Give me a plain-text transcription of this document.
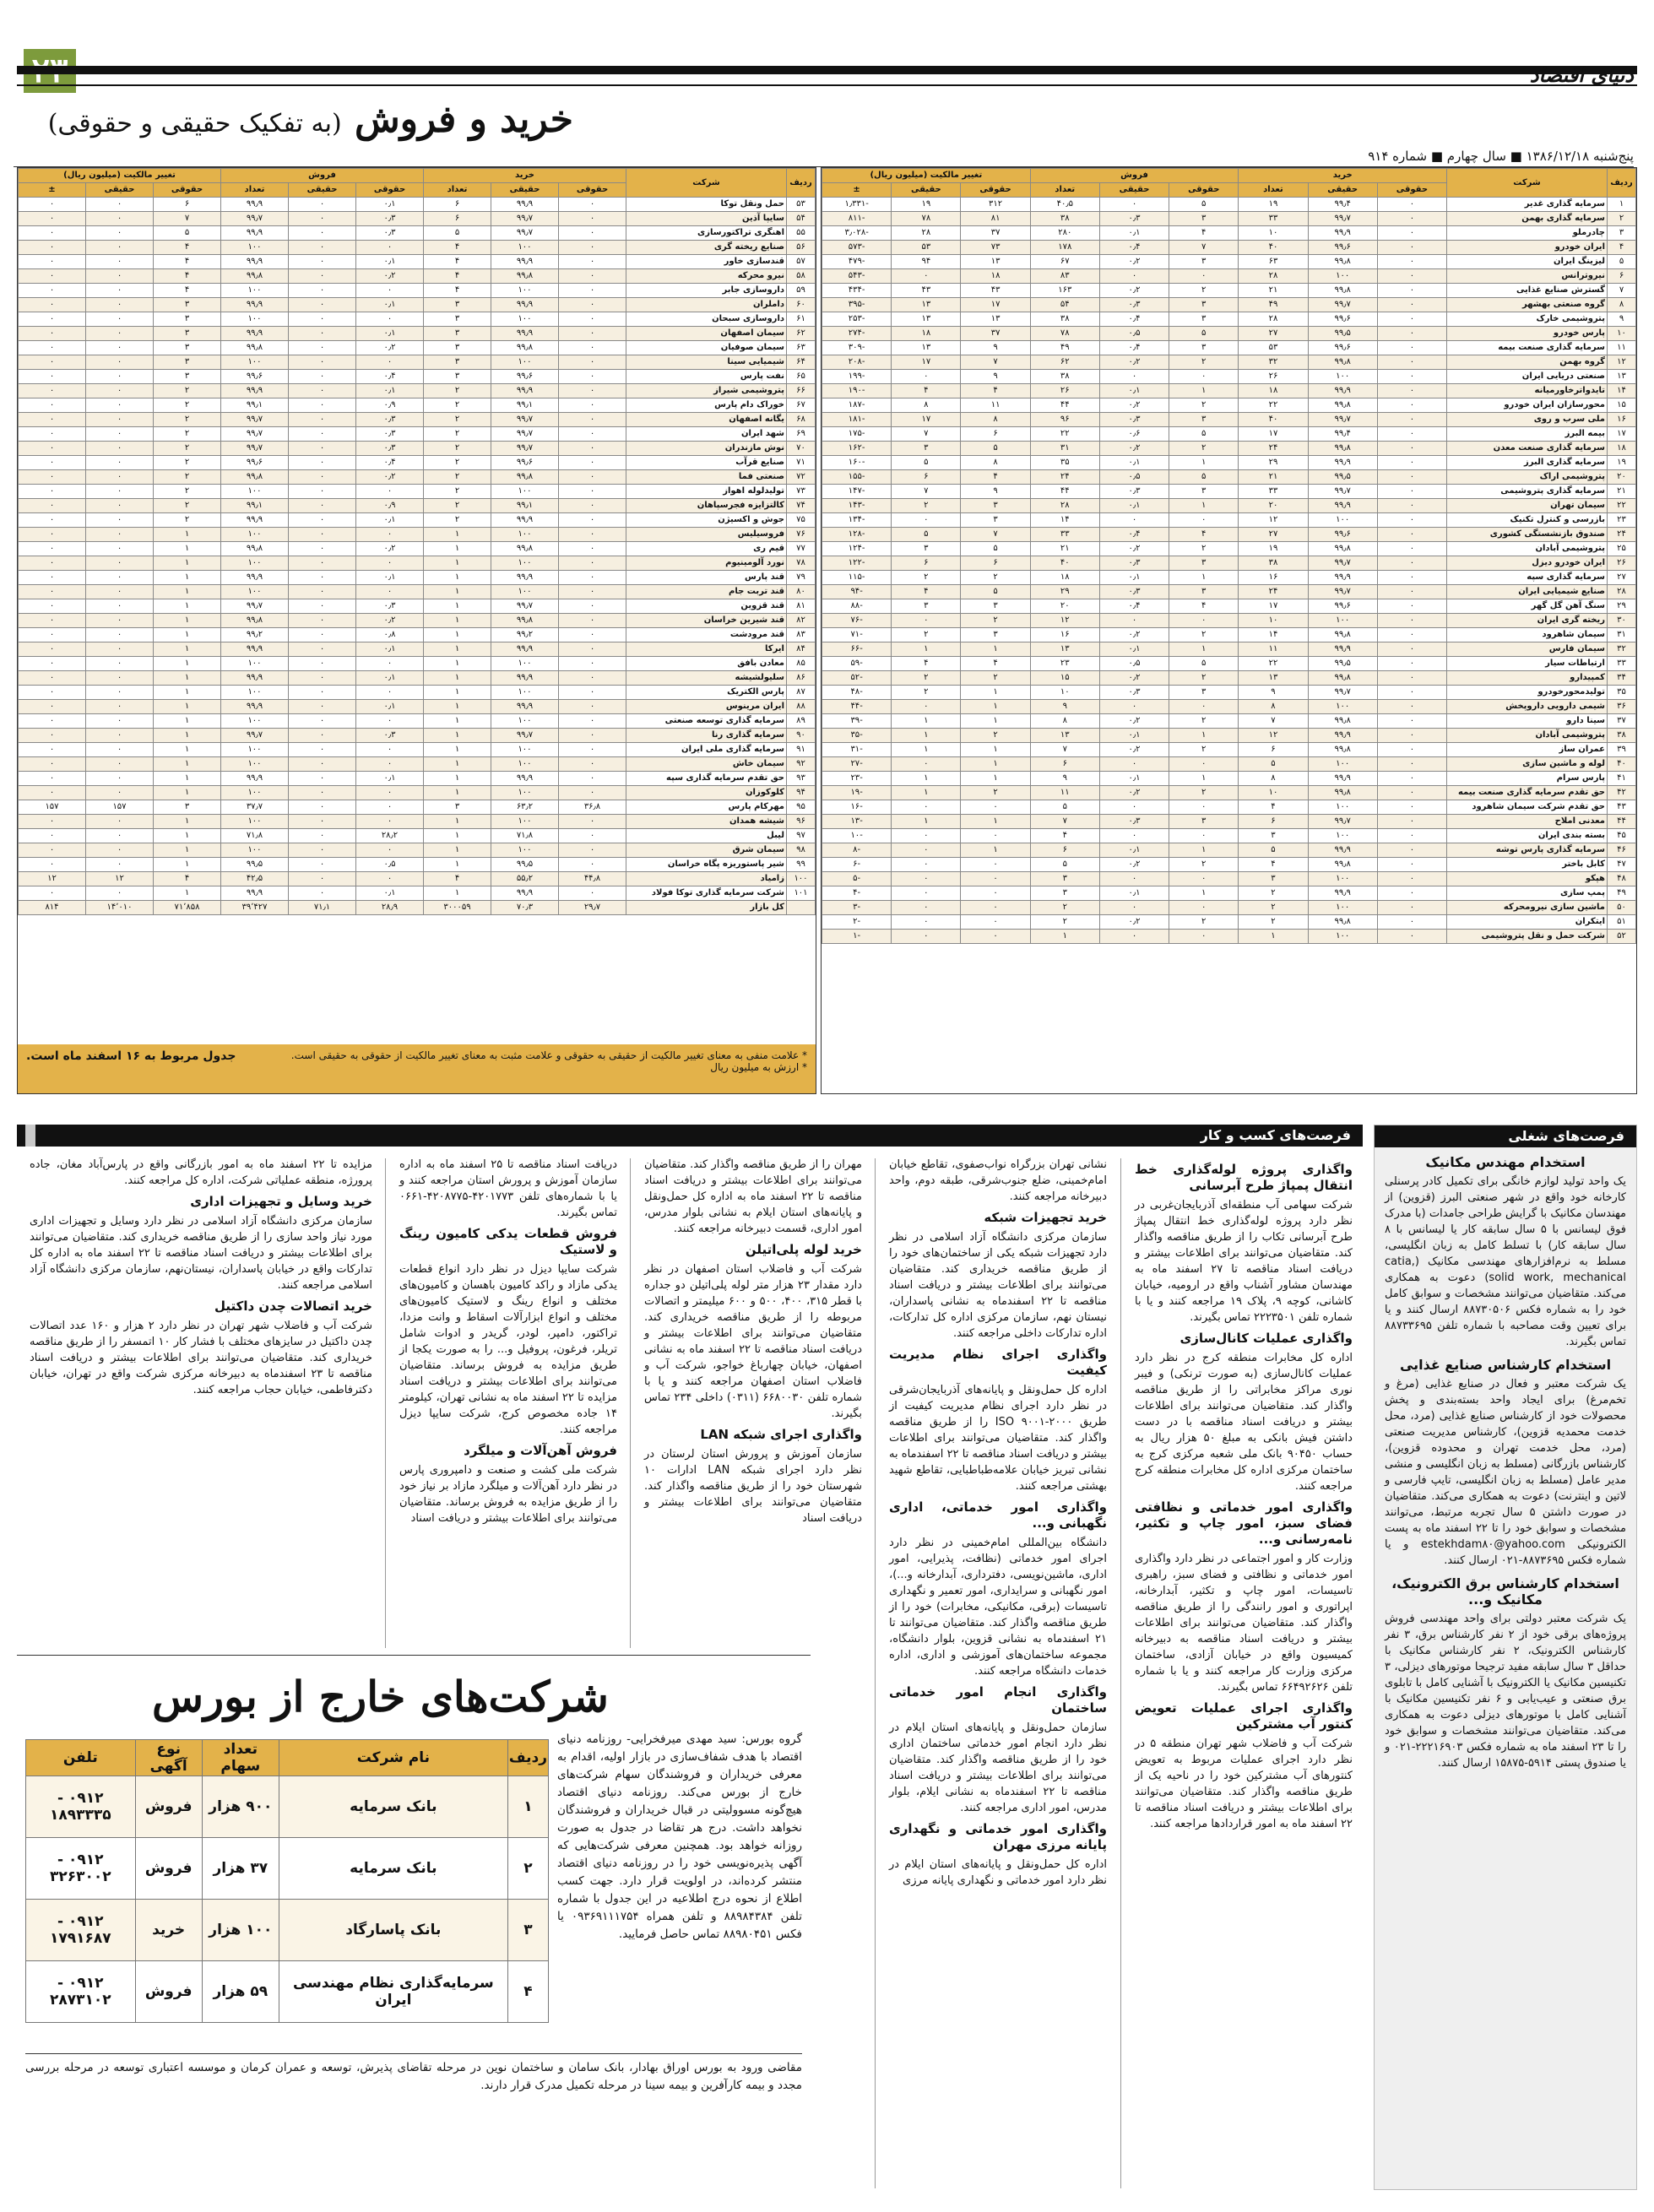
دنیای اقتصاد
خرید و فروش (به تفکیک حقیقی و حقوقی)
پنج‌شنبه ۱۳۸۶/۱۲/۱۸ ■ سال چهارم ■ شماره ۹۱۴
ردیف	شرکت	خرید			فروش			تغییر مالکیت (میلیون ریال)		
		حقوقی	حقیقی	تعداد	حقوقی	حقیقی	تعداد	حقوقی	حقیقی	±
۱	سرمایه گذاری غدیر	۰	۹۹٫۴	۱۹	۵	۰	۴۰٫۵	۳۱۲	۱۹	-۱٫۳۳۱
۲	سرمایه گذاری بهمن	۰	۹۹٫۷	۳۳	۳	۰٫۳	۳۸	۸۱	۷۸	-۸۱۱
۳	چادرملو	۰	۹۹٫۹	۱۰	۴	۰٫۱	۲۸۰	۳۷	۲۸	-۳٫۰۲۸
۴	ایران خودرو	۰	۹۹٫۶	۴۰	۷	۰٫۴	۱۷۸	۷۳	۵۳	-۵۷۳
۵	لیزینگ ایران	۰	۹۹٫۸	۶۳	۳	۰٫۲	۶۷	۱۳	۹۴	-۴۷۹
۶	نیروترانس	۰	۱۰۰	۲۸	۰	۰	۸۳	۱۸	۰	-۵۴۳
۷	گسترش صنایع غذایی	۰	۹۹٫۸	۲۱	۲	۰٫۲	۱۶۳	۴۳	۴۳	-۴۳۴
۸	گروه صنعتی بهشهر	۰	۹۹٫۷	۴۹	۳	۰٫۳	۵۴	۱۷	۱۳	-۳۹۵
۹	پتروشیمی خارک	۰	۹۹٫۶	۲۸	۳	۰٫۴	۳۸	۱۳	۱۳	-۲۵۳
۱۰	پارس خودرو	۰	۹۹٫۵	۲۷	۵	۰٫۵	۷۸	۳۷	۱۸	-۲۷۴
۱۱	سرمایه گذاری صنعت بیمه	۰	۹۹٫۶	۵۳	۳	۰٫۴	۴۹	۹	۱۳	-۳۰۹
۱۲	گروه بهمن	۰	۹۹٫۸	۳۲	۲	۰٫۲	۶۲	۷	۱۷	-۲۰۸
۱۳	صنعتی دریایی ایران	۰	۱۰۰	۲۶	۰	۰	۳۸	۹	۰	-۱۹۹
۱۴	تایدواترخاورمیانه	۰	۹۹٫۹	۱۸	۱	۰٫۱	۲۶	۴	۴	-۱۹۰
۱۵	محورسازان ایران خودرو	۰	۹۹٫۸	۲۲	۲	۰٫۲	۴۴	۱۱	۸	-۱۸۷
۱۶	ملی سرب و روی	۰	۹۹٫۷	۴۰	۳	۰٫۳	۹۶	۸	۱۷	-۱۸۱
۱۷	بیمه البرز	۰	۹۹٫۴	۱۷	۵	۰٫۶	۲۲	۶	۷	-۱۷۵
۱۸	سرمایه گذاری صنعت معدن	۰	۹۹٫۸	۲۴	۲	۰٫۲	۳۱	۵	۳	-۱۶۲
۱۹	سرمایه گذاری البرز	۰	۹۹٫۹	۲۹	۱	۰٫۱	۳۵	۸	۵	-۱۶۰
۲۰	پتروشیمی اراک	۰	۹۹٫۵	۲۱	۵	۰٫۵	۲۴	۴	۶	-۱۵۵
۲۱	سرمایه گذاری پتروشیمی	۰	۹۹٫۷	۳۳	۳	۰٫۳	۴۴	۹	۷	-۱۴۷
۲۲	سیمان تهران	۰	۹۹٫۹	۲۰	۱	۰٫۱	۲۸	۳	۲	-۱۴۳
۲۳	بازرسی و کنترل تکنیک	۰	۱۰۰	۱۲	۰	۰	۱۴	۳	۰	-۱۳۴
۲۴	صندوق بازنشستگی کشوری	۰	۹۹٫۶	۲۷	۴	۰٫۴	۳۳	۷	۵	-۱۲۸
۲۵	پتروشیمی آبادان	۰	۹۹٫۸	۱۹	۲	۰٫۲	۲۱	۵	۳	-۱۲۴
۲۶	ایران خودرو دیزل	۰	۹۹٫۷	۳۸	۳	۰٫۳	۴۰	۶	۶	-۱۲۲
۲۷	سرمایه گذاری سپه	۰	۹۹٫۹	۱۶	۱	۰٫۱	۱۸	۲	۲	-۱۱۵
۲۸	صنایع شیمیایی ایران	۰	۹۹٫۷	۲۴	۳	۰٫۳	۲۹	۵	۴	-۹۴
۲۹	سنگ آهن گل گهر	۰	۹۹٫۶	۱۷	۴	۰٫۴	۲۰	۳	۳	-۸۸
۳۰	ریخته گری ایران	۰	۱۰۰	۱۰	۰	۰	۱۲	۲	۰	-۷۶
۳۱	سیمان شاهرود	۰	۹۹٫۸	۱۴	۲	۰٫۲	۱۶	۳	۲	-۷۱
۳۲	سیمان فارس	۰	۹۹٫۹	۱۱	۱	۰٫۱	۱۳	۱	۱	-۶۶
۳۳	ارتباطات سیار	۰	۹۹٫۵	۲۲	۵	۰٫۵	۲۳	۴	۴	-۵۹
۳۴	کمپیدارو	۰	۹۹٫۸	۱۳	۲	۰٫۲	۱۵	۲	۲	-۵۲
۳۵	تولیدمحورخودرو	۰	۹۹٫۷	۹	۳	۰٫۳	۱۰	۱	۲	-۴۸
۳۶	شیمی دارویی داروپخش	۰	۱۰۰	۸	۰	۰	۹	۱	۰	-۴۴
۳۷	سینا دارو	۰	۹۹٫۸	۷	۲	۰٫۲	۸	۱	۱	-۳۹
۳۸	پتروشیمی آبادان	۰	۹۹٫۹	۱۲	۱	۰٫۱	۱۳	۲	۱	-۳۵
۳۹	عمران ساز	۰	۹۹٫۸	۶	۲	۰٫۲	۷	۱	۱	-۳۱
۴۰	لوله و ماشین سازی	۰	۱۰۰	۵	۰	۰	۶	۱	۰	-۲۷
۴۱	پارس سرام	۰	۹۹٫۹	۸	۱	۰٫۱	۹	۱	۱	-۲۳
۴۲	حق تقدم سرمایه گذاری صنعت بیمه	۰	۹۹٫۸	۱۰	۲	۰٫۲	۱۱	۲	۱	-۱۹
۴۳	حق تقدم شرکت سیمان شاهرود	۰	۱۰۰	۴	۰	۰	۵	۰	۰	-۱۶
۴۴	معدنی املاح	۰	۹۹٫۷	۶	۳	۰٫۳	۷	۱	۱	-۱۳
۴۵	بسته بندی ایران	۰	۱۰۰	۳	۰	۰	۴	۰	۰	-۱۰
۴۶	سرمایه گذاری پارس توشه	۰	۹۹٫۹	۵	۱	۰٫۱	۶	۱	۰	-۸
۴۷	کابل باختر	۰	۹۹٫۸	۴	۲	۰٫۲	۵	۰	۰	-۶
۴۸	هپکو	۰	۱۰۰	۳	۰	۰	۳	۰	۰	-۵
۴۹	پمپ سازی	۰	۹۹٫۹	۲	۱	۰٫۱	۳	۰	۰	-۴
۵۰	ماشین سازی نیرومحرکه	۰	۱۰۰	۲	۰	۰	۲	۰	۰	-۳
۵۱	ایتکران	۰	۹۹٫۸	۲	۲	۰٫۲	۲	۰	۰	-۲
۵۲	شرکت حمل و نقل پتروشیمی	۰	۱۰۰	۱	۰	۰	۱	۰	۰	-۱
ردیف	شرکت	خرید			فروش			تغییر مالکیت (میلیون ریال)		
		حقوقی	حقیقی	تعداد	حقوقی	حقیقی	تعداد	حقوقی	حقیقی	±
۵۳	حمل ونقل توکا	۰	۹۹٫۹	۶	۰٫۱	۰	۹۹٫۹	۶	۰	۰
۵۴	سایپا آذین	۰	۹۹٫۷	۶	۰٫۳	۰	۹۹٫۷	۷	۰	۰
۵۵	اهنگری تراکتورسازی	۰	۹۹٫۷	۵	۰٫۳	۰	۹۹٫۹	۵	۰	۰
۵۶	صنایع ریخته گری	۰	۱۰۰	۴	۰	۰	۱۰۰	۴	۰	۰
۵۷	قندسازی خاور	۰	۹۹٫۹	۴	۰٫۱	۰	۹۹٫۹	۴	۰	۰
۵۸	نیرو محرکه	۰	۹۹٫۸	۴	۰٫۲	۰	۹۹٫۸	۴	۰	۰
۵۹	داروسازی جابر	۰	۱۰۰	۴	۰	۰	۱۰۰	۴	۰	۰
۶۰	داملران	۰	۹۹٫۹	۳	۰٫۱	۰	۹۹٫۹	۳	۰	۰
۶۱	داروسازی سبحان	۰	۱۰۰	۳	۰	۰	۱۰۰	۳	۰	۰
۶۲	سیمان اصفهان	۰	۹۹٫۹	۳	۰٫۱	۰	۹۹٫۹	۳	۰	۰
۶۳	سیمان صوفیان	۰	۹۹٫۸	۳	۰٫۲	۰	۹۹٫۸	۳	۰	۰
۶۴	شیمیایی سینا	۰	۱۰۰	۳	۰	۰	۱۰۰	۳	۰	۰
۶۵	نفت پارس	۰	۹۹٫۶	۳	۰٫۴	۰	۹۹٫۶	۳	۰	۰
۶۶	پتروشیمی شیراز	۰	۹۹٫۹	۲	۰٫۱	۰	۹۹٫۹	۲	۰	۰
۶۷	خوراک دام پارس	۰	۹۹٫۱	۲	۰٫۹	۰	۹۹٫۱	۲	۰	۰
۶۸	یگانه اصفهان	۰	۹۹٫۷	۲	۰٫۳	۰	۹۹٫۷	۲	۰	۰
۶۹	شهد ایران	۰	۹۹٫۷	۲	۰٫۳	۰	۹۹٫۷	۲	۰	۰
۷۰	نوش مازندران	۰	۹۹٫۷	۲	۰٫۳	۰	۹۹٫۷	۲	۰	۰
۷۱	صنایع قرآب	۰	۹۹٫۶	۲	۰٫۴	۰	۹۹٫۶	۲	۰	۰
۷۲	صنعتی فما	۰	۹۹٫۸	۲	۰٫۲	۰	۹۹٫۸	۲	۰	۰
۷۳	تولیدلوله اهواز	۰	۱۰۰	۲	۰	۰	۱۰۰	۲	۰	۰
۷۴	کالتزایزه فجرسپاهان	۰	۹۹٫۱	۲	۰٫۹	۰	۹۹٫۱	۲	۰	۰
۷۵	جوش و اکسیژن	۰	۹۹٫۹	۲	۰٫۱	۰	۹۹٫۹	۲	۰	۰
۷۶	فروسیلیس	۰	۱۰۰	۱	۰	۰	۱۰۰	۱	۰	۰
۷۷	قیم ری	۰	۹۹٫۸	۱	۰٫۲	۰	۹۹٫۸	۱	۰	۰
۷۸	نورد آلومینیوم	۰	۱۰۰	۱	۰	۰	۱۰۰	۱	۰	۰
۷۹	قند پارس	۰	۹۹٫۹	۱	۰٫۱	۰	۹۹٫۹	۱	۰	۰
۸۰	قند تربت جام	۰	۱۰۰	۱	۰	۰	۱۰۰	۱	۰	۰
۸۱	قند قزوین	۰	۹۹٫۷	۱	۰٫۳	۰	۹۹٫۷	۱	۰	۰
۸۲	قند شیرین خراسان	۰	۹۹٫۸	۱	۰٫۲	۰	۹۹٫۸	۱	۰	۰
۸۳	قند مرودشت	۰	۹۹٫۲	۱	۰٫۸	۰	۹۹٫۲	۱	۰	۰
۸۴	ایرکا	۰	۹۹٫۹	۱	۰٫۱	۰	۹۹٫۹	۱	۰	۰
۸۵	معادن بافق	۰	۱۰۰	۱	۰	۰	۱۰۰	۱	۰	۰
۸۶	سلیولشیشه	۰	۹۹٫۹	۱	۰٫۱	۰	۹۹٫۹	۱	۰	۰
۸۷	پارس الکتریک	۰	۱۰۰	۱	۰	۰	۱۰۰	۱	۰	۰
۸۸	ایران مرینوس	۰	۹۹٫۹	۱	۰٫۱	۰	۹۹٫۹	۱	۰	۰
۸۹	سرمایه گذاری توسعه صنعتی	۰	۱۰۰	۱	۰	۰	۱۰۰	۱	۰	۰
۹۰	سرمایه گذاری رنا	۰	۹۹٫۷	۱	۰٫۳	۰	۹۹٫۷	۱	۰	۰
۹۱	سرمایه گذاری ملی ایران	۰	۱۰۰	۱	۰	۰	۱۰۰	۱	۰	۰
۹۲	سیمان خاش	۰	۱۰۰	۱	۰	۰	۱۰۰	۱	۰	۰
۹۳	حق تقدم سرمایه گذاری سپه	۰	۹۹٫۹	۱	۰٫۱	۰	۹۹٫۹	۱	۰	۰
۹۴	کلوکوزان	۰	۱۰۰	۱	۰	۰	۱۰۰	۱	۰	۰
۹۵	مهرکام پارس	۳۶٫۸	۶۳٫۲	۳	۰	۰	۳۷٫۷	۳	۱۵۷	۱۵۷
۹۶	شیشه همدان	۰	۱۰۰	۱	۰	۰	۱۰۰	۱	۰	۰
۹۷	لیبل	۰	۷۱٫۸	۱	۲۸٫۲	۰	۷۱٫۸	۱	۰	۰
۹۸	سیمان شرق	۰	۱۰۰	۱	۰	۰	۱۰۰	۱	۰	۰
۹۹	شیر پاستوریزه پگاه خراسان	۰	۹۹٫۵	۱	۰٫۵	۰	۹۹٫۵	۱	۰	۰
۱۰۰	زامیاد	۴۴٫۸	۵۵٫۲	۴	۰	۰	۴۲٫۵	۴	۱۲	۱۲
۱۰۱	شرکت سرمایه گذاری توکا فولاد	۰	۹۹٫۹	۱	۰٫۱	۰	۹۹٫۹	۱	۰	۰
	کل بازار	۲۹٫۷	۷۰٫۳	۳۰۰۰۵۹	۲۸٫۹	۷۱٫۱	۳۹٬۴۲۷	۷۱٬۸۵۸	۱۴٬۰۱۰	۸۱۴
جدول مربوط به ۱۶ اسفند ماه است.	* علامت منفی به معنای تغییر مالکیت از حقیقی به حقوقی و علامت مثبت به معنای تغییر مالکیت از حقوقی به حقیقی است.
* ارزش به میلیون ریال
فرصت‌های کسب و کار
واگذاری پروژه لوله‌گذاری خط انتقال پمپاژ طرح آبرسانی

شرکت سهامی آب منطقه‌ای آذربایجان‌غربی در نظر دارد پروژه لوله‌گذاری خط انتقال پمپاژ طرح آبرسانی تکاب را از طریق مناقصه واگذار کند. متقاضیان می‌توانند برای اطلاعات بیشتر و دریافت اسناد مناقصه تا ۲۷ اسفند ماه به مهندسان مشاور آشناب واقع در ارومیه، خیابان کاشانی، کوچه ۹، پلاک ۱۹ مراجعه کنند و یا با شماره تلفن ۲۲۲۳۵۰۱ تماس بگیرند.

واگذاری عملیات کانال‌سازی

اداره کل مخابرات منطقه کرج در نظر دارد عملیات کانال‌سازی (به صورت ترنکی) و فیبر نوری مراکز مخابراتی را از طریق مناقصه واگذار کند. متقاضیان می‌توانند برای اطلاعات بیشتر و دریافت اسناد مناقصه با در دست داشتن فیش بانکی به مبلغ ۵۰ هزار ریال به حساب ۹۰۴۵۰ بانک ملی شعبه مرکزی کرج به ساختمان مرکزی اداره کل مخابرات منطقه کرج مراجعه کنند.

واگذاری امور خدماتی و نظافتی فضای سبز، امور چاپ و تکثیر، نامه‌رسانی و...

وزارت کار و امور اجتماعی در نظر دارد واگذاری امور خدماتی و نظافتی و فضای سبز، راهبری تاسیسات، امور چاپ و تکثیر، آبدارخانه، اپراتوری و امور رانندگی را از طریق مناقصه واگذار کند. متقاضیان می‌توانند برای اطلاعات بیشتر و دریافت اسناد مناقصه به دبیرخانه کمیسیون واقع در خیابان آزادی، ساختمان مرکزی وزارت کار مراجعه کنند و یا با شماره تلفن ۶۶۴۹۲۶۲۶ تماس بگیرند.

واگذاری اجرای عملیات تعویض کنتور آب مشترکین

شرکت آب و فاضلاب شهر تهران منطقه ۵ در نظر دارد اجرای عملیات مربوط به تعویض کنتورهای آب مشترکین خود را در ناحیه یک از طریق مناقصه واگذار کند. متقاضیان می‌توانند برای اطلاعات بیشتر و دریافت اسناد مناقصه تا ۲۲ اسفند ماه به امور قراردادها مراجعه کنند.

نشانی تهران بزرگراه نواب‌صفوی، تقاطع خیابان امام‌خمینی، ضلع جنوب‌شرقی، طبقه دوم، واحد دبیرخانه مراجعه کنند.

خرید تجهیزات شبکه

سازمان مرکزی دانشگاه آزاد اسلامی در نظر دارد تجهیزات شبکه یکی از ساختمان‌های خود را از طریق مناقصه خریداری کند. متقاضیان می‌توانند برای اطلاعات بیشتر و دریافت اسناد مناقصه تا ۲۲ اسفندماه به نشانی پاسداران، نیستان نهم، سازمان مرکزی اداره کل تدارکات، اداره تدارکات داخلی مراجعه کنند.

واگذاری اجرای نظام مدیریت کیفیت

اداره کل حمل‌ونقل و پایانه‌های آذربایجان‌شرقی در نظر دارد اجرای نظام مدیریت کیفیت از طریق ISO ۹۰۰۱-۲۰۰۰ را از طریق مناقصه واگذار کند. متقاضیان می‌توانند برای اطلاعات بیشتر و دریافت اسناد مناقصه تا ۲۲ اسفندماه به نشانی تبریز خیابان علامه‌طباطبایی، تقاطع شهید بهشتی مراجعه کنند.

واگذاری امور خدماتی، اداری نگهبانی و...

دانشگاه بین‌المللی امام‌خمینی در نظر دارد اجرای امور خدماتی (نظافت، پذیرایی، امور اداری، ماشین‌نویسی، دفترداری، آبدارخانه و...)، امور نگهبانی و سرایداری، امور تعمیر و نگهداری تاسیسات (برقی، مکانیکی، مخابرات) خود را از طریق مناقصه واگذار کند. متقاضیان می‌توانند تا ۲۱ اسفندماه به نشانی قزوین، بلوار دانشگاه، مجموعه ساختمان‌های آموزشی و اداری، اداره خدمات دانشگاه مراجعه کنند.

واگذاری انجام امور خدماتی ساختمان

سازمان حمل‌ونقل و پایانه‌های استان ایلام در نظر دارد انجام امور خدماتی ساختمان اداری خود را از طریق مناقصه واگذار کند. متقاضیان می‌توانند برای اطلاعات بیشتر و دریافت اسناد مناقصه تا ۲۲ اسفندماه به نشانی ایلام، بلوار مدرس، امور اداری مراجعه کنند.

واگذاری امور خدماتی و نگهداری پایانه مرزی مهران

اداره کل حمل‌ونقل و پایانه‌های استان ایلام در نظر دارد امور خدماتی و نگهداری پایانه مرزی

مهران را از طریق مناقصه واگذار کند. متقاضیان می‌توانند برای اطلاعات بیشتر و دریافت اسناد مناقصه تا ۲۲ اسفند ماه به اداره کل حمل‌ونقل و پایانه‌های استان ایلام به نشانی بلوار مدرس، امور اداری، قسمت دبیرخانه مراجعه کنند.

خرید لوله پلی‌اتیلن

شرکت آب و فاضلاب استان اصفهان در نظر دارد مقدار ۲۳ هزار متر لوله پلی‌اتیلن دو جداره با قطر ۳۱۵، ۴۰۰، ۵۰۰ و ۶۰۰ میلیمتر و اتصالات مربوطه را از طریق مناقصه خریداری کند. متقاضیان می‌توانند برای اطلاعات بیشتر و دریافت اسناد مناقصه تا ۲۲ اسفند ماه به نشانی اصفهان، خیابان چهارباغ خواجو، شرکت آب و فاضلاب استان اصفهان مراجعه کنند و یا با شماره تلفن ۶۶۸۰۰۳۰ (۰۳۱۱) داخلی ۲۳۴ تماس بگیرند.

واگذاری اجرای شبکه LAN

سازمان آموزش و پرورش استان لرستان در نظر دارد اجرای شبکه LAN ادارات ۱۰ شهرستان خود را از طریق مناقصه واگذار کند. متقاضیان می‌توانند برای اطلاعات بیشتر و دریافت اسناد

دریافت اسناد مناقصه تا ۲۵ اسفند ماه به اداره سازمان آموزش و پرورش استان مراجعه کنند و یا با شماره‌های تلفن ۴۲۰۱۷۷۳-۴۲۰۸۷۷۵-۰۶۶۱ تماس بگیرند.

فروش قطعات یدکی کامیون رینگ و لاستیک

شرکت سایپا دیزل در نظر دارد انواع قطعات یدکی مازاد و راکد کامیون باهسان و کامیون‌های مختلف و انواع رینگ و لاستیک کامیون‌های مختلف و انواع ابزارآلات اسقاط و وانت مزدا، تراکتور، دامپر، لودر، گریدر و ادوات شامل تریلر، فرغون، پروفیل و... را به صورت یکجا از طریق مزایده به فروش برساند. متقاضیان می‌توانند برای اطلاعات بیشتر و دریافت اسناد مزایده تا ۲۲ اسفند ماه به نشانی تهران، کیلومتر ۱۴ جاده مخصوص کرج، شرکت سایپا دیزل مراجعه کنند.

فروش آهن‌آلات و میلگرد

شرکت ملی کشت و صنعت و دامپروری پارس در نظر دارد آهن‌آلات و میلگرد مازاد بر نیاز خود را از طریق مزایده به فروش برساند. متقاضیان می‌توانند برای اطلاعات بیشتر و دریافت اسناد

مزایده تا ۲۲ اسفند ماه به امور بازرگانی واقع در پارس‌آباد مغان، جاده پرورژه، منطقه عملیاتی شرکت، اداره کل مراجعه کنند.

خرید وسایل و تجهیزات اداری

سازمان مرکزی دانشگاه آزاد اسلامی در نظر دارد وسایل و تجهیزات اداری مورد نیاز واحد سازی را از طریق مناقصه خریداری کند. متقاضیان می‌توانند برای اطلاعات بیشتر و دریافت اسناد مناقصه تا ۲۲ اسفند ماه به اداره کل تدارکات واقع در خیابان پاسداران، نیستان‌نهم، سازمان مرکزی دانشگاه آزاد اسلامی مراجعه کنند.

خرید اتصالات چدن داکتیل

شرکت آب و فاضلاب شهر تهران در نظر دارد ۲ هزار و ۱۶۰ عدد اتصالات چدن داکتیل در سایزهای مختلف با فشار کار ۱۰ اتمسفر را از طریق مناقصه خریداری کند. متقاضیان می‌توانند برای اطلاعات بیشتر و دریافت اسناد مناقصه تا ۲۳ اسفندماه به دبیرخانه مرکزی شرکت واقع در تهران، خیابان دکترفاطمی، خیابان حجاب مراجعه کنند.

فرصت‌های شغلی
استخدام مهندس مکانیک

یک واحد تولید لوازم خانگی برای تکمیل کادر پرسنلی کارخانه خود واقع در شهر صنعتی البرز (قزوین) از مهندسان مکانیک با گرایش طراحی جامدات (با مدرک فوق لیسانس با ۵ سال سابقه کار یا لیسانس با ۸ سال سابقه کار) با تسلط کامل به زبان انگلیسی، مسلط به نرم‌افزارهای مهندسی مکانیک (catia, solid work, mechanical) دعوت به همکاری می‌کند. متقاضیان می‌توانند مشخصات و سوابق کامل خود را به شماره فکس ۸۸۷۳۰۵۰۶ ارسال کنند و یا برای تعیین وقت مصاحبه با شماره تلفن ۸۸۷۳۳۶۹۵ تماس بگیرند.

استخدام کارشناس صنایع غذایی

یک شرکت معتبر و فعال در صنایع غذایی (مرغ و تخم‌مرغ) برای ایجاد واحد بسته‌بندی و پخش محصولات خود از کارشناس صنایع غذایی (مرد، محل خدمت محمدیه قزوین)، کارشناس مدیریت صنعتی (مرد، محل خدمت تهران و محدوده قزوین)، کارشناس بازرگانی (مسلط به زبان انگلیسی و منشی مدیر عامل (مسلط به زبان انگلیسی، تایپ فارسی و لاتین و اینترنت) دعوت به همکاری می‌کند. متقاضیان در صورت داشتن ۵ سال تجربه مرتبط، می‌توانند مشخصات و سوابق خود را تا ۲۲ اسفند ماه به پست الکترونیکی estekhdam۸۰@yahoo.com و یا شماره فکس ۸۸۷۳۶۹۵-۰۲۱ ارسال کنند.

استخدام کارشناس برق الکترونیک، مکانیک و...

یک شرکت معتبر دولتی برای واحد مهندسی فروش پروژه‌های برقی خود از ۲ نفر کارشناس برق، ۳ نفر کارشناس الکترونیک، ۲ نفر کارشناس مکانیک با حداقل ۳ سال سابقه مفید ترجیحا موتورهای دیزلی، ۳ تکنیسین مکانیک یا الکترونیک با آشنایی کامل با تابلوی برق صنعتی و عیب‌یابی و ۶ نفر تکنیسین مکانیک با آشنایی کامل با موتورهای دیزلی دعوت به همکاری می‌کند. متقاضیان می‌توانند مشخصات و سوابق خود را تا ۲۳ اسفند ماه به شماره فکس ۲۲۲۱۶۹۰۳-۰۲۱ و یا صندوق پستی ۵۹۱۴-۱۵۸۷۵ ارسال کنند.

شرکت‌های خارج از بورس
ردیف	نام شرکت	تعداد سهام	نوع آگهی	تلفن
۱	بانک سرمایه	۹۰۰ هزار	فروش	۰۹۱۲ - ۱۸۹۳۳۳۵
۲	بانک سرمایه	۳۷ هزار	فروش	۰۹۱۲ - ۳۲۶۳۰۰۲
۳	بانک پاسارگاد	۱۰۰ هزار	خرید	۰۹۱۲ - ۱۷۹۱۶۸۷
۴	سرمایه‌گذاری نظام مهندسی ایران	۵۹ هزار	فروش	۰۹۱۲ - ۲۸۷۳۱۰۲
گروه بورس: سید مهدی میرفخرایی- روزنامه دنیای اقتصاد با هدف شفاف‌سازی در بازار اولیه، اقدام به معرفی خریداران و فروشندگان سهام شرکت‌های خارج از بورس می‌کند. روزنامه دنیای اقتصاد هیچ‌گونه مسوولیتی در قبال خریداران و فروشندگان نخواهد داشت. درج هر تقاضا در جدول به صورت روزانه خواهد بود. همچنین معرفی شرکت‌هایی که آگهی پذیره‌نویسی خود را در روزنامه دنیای اقتصاد منتشر کرده‌اند، در اولویت قرار دارد. جهت کسب اطلاع از نحوه درج اطلاعیه در این جدول با شماره تلفن ۸۸۹۸۴۳۸۴ و تلفن همراه ۰۹۳۶۹۱۱۱۷۵۴ یا فکس ۸۸۹۸۰۴۵۱ تماس حاصل فرمایید.
مقاضی ورود به بورس اوراق بهادار، بانک سامان و ساختمان نوین در مرحله تقاضای پذیرش، توسعه و عمران کرمان و موسسه اعتباری توسعه در مرحله بررسی مجدد و بیمه کارآفرین و بیمه سینا در مرحله تکمیل مدرک قرار دارند.
